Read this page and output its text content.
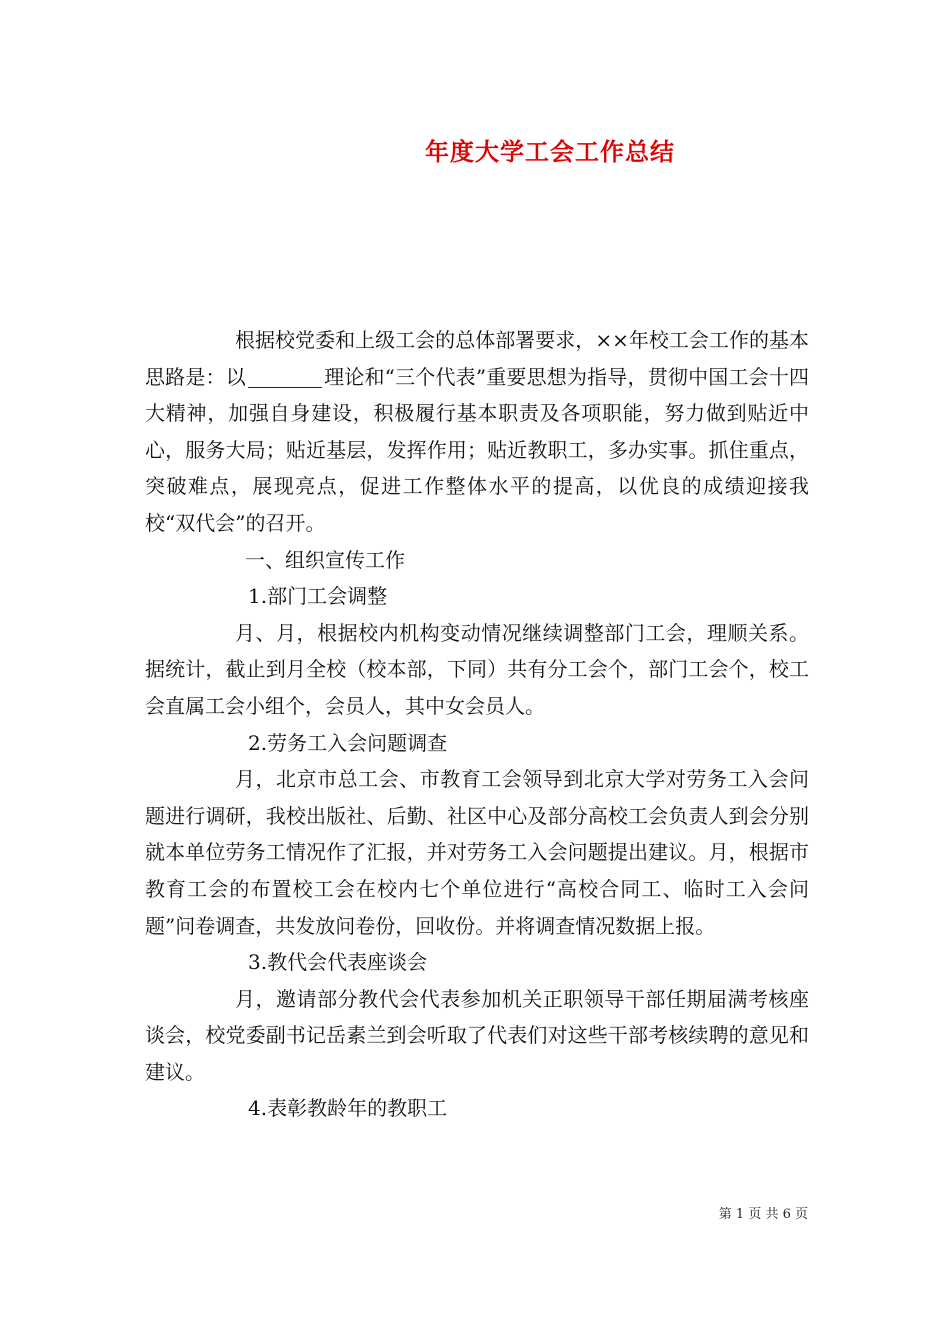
年度大学工会工作总结

根据校党委和上级工会的总体部署要求，××年校工会工作的基本思路是：以	理论和“三个代表”重要思想为指导，贯彻中国工会十四大精神，加强自身建设，积极履行基本职责及各项职能，努力做到贴近中心，服务大局；贴近基层，发挥作用；贴近教职工，多办实事。抓住重点，突破难点，展现亮点，促进工作整体水平的提高，以优良的成绩迎接我校“双代会”的召开。

一、组织宣传工作

1.部门工会调整

月、月，根据校内机构变动情况继续调整部门工会，理顺关系。据统计，截止到月全校（校本部，下同）共有分工会个，部门工会个，校工会直属工会小组个，会员人，其中女会员人。

2.劳务工入会问题调查

月，北京市总工会、市教育工会领导到北京大学对劳务工入会问题进行调研，我校出版社、后勤、社区中心及部分高校工会负责人到会分别就本单位劳务工情况作了汇报，并对劳务工入会问题提出建议。月，根据市教育工会的布置校工会在校内七个单位进行“高校合同工、临时工入会问题”问卷调查，共发放问卷份，回收份。并将调查情况数据上报。

3.教代会代表座谈会

月，邀请部分教代会代表参加机关正职领导干部任期届满考核座谈会，校党委副书记岳素兰到会听取了代表们对这些干部考核续聘的意见和建议。

4.表彰教龄年的教职工

第 1 页 共 6 页
